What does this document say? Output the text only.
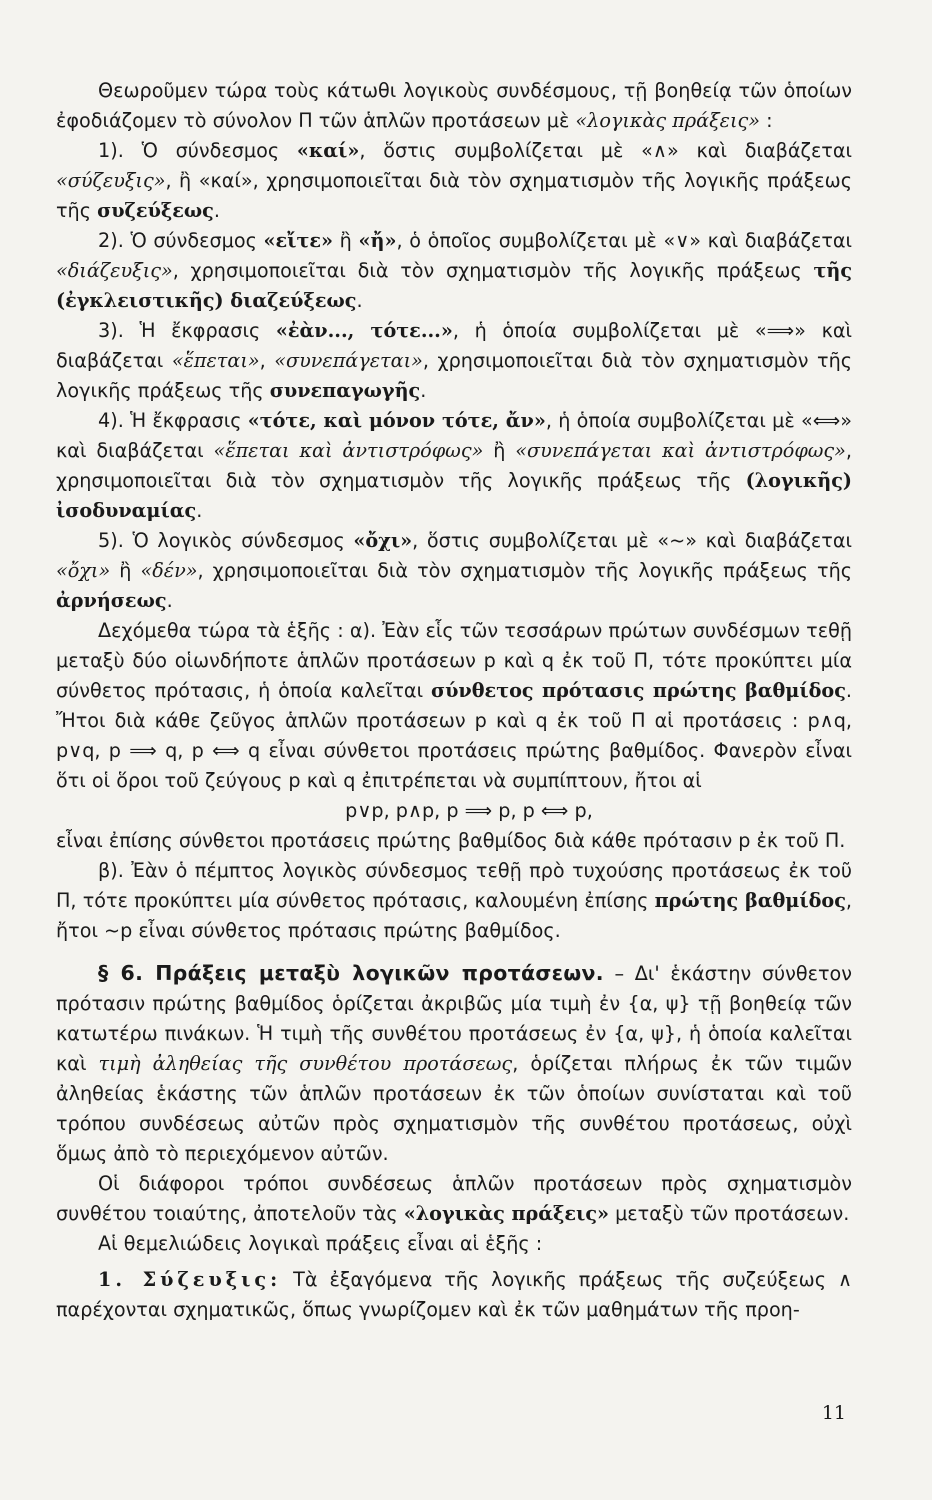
Θεωροῦμεν τώρα τοὺς κάτωθι λογικοὺς συνδέσμους, τῇ βοηθείᾳ τῶν ὁποίων ἐφοδιάζομεν τὸ σύνολον Π τῶν ἁπλῶν προτάσεων μὲ «λογικὰς πράξεις» :

1). Ὁ σύνδεσμος «καί», ὅστις συμβολίζεται μὲ «∧» καὶ διαβάζεται «σύζευξις», ἢ «καί», χρησιμοποιεῖται διὰ τὸν σχηματισμὸν τῆς λογικῆς πράξεως τῆς συζεύξεως.

2). Ὁ σύνδεσμος «εἴτε» ἢ «ἤ», ὁ ὁποῖος συμβολίζεται μὲ «∨» καὶ διαβάζεται «διάζευξις», χρησιμοποιεῖται διὰ τὸν σχηματισμὸν τῆς λογικῆς πράξεως τῆς (ἐγκλειστικῆς) διαζεύξεως.

3). Ἡ ἔκφρασις «ἐὰν..., τότε...», ἡ ὁποία συμβολίζεται μὲ «⟹» καὶ διαβάζεται «ἕπεται», «συνεπάγεται», χρησιμοποιεῖται διὰ τὸν σχηματισμὸν τῆς λογικῆς πράξεως τῆς συνεπαγωγῆς.

4). Ἡ ἔκφρασις «τότε, καὶ μόνον τότε, ἄν», ἡ ὁποία συμβολίζεται μὲ «⟺» καὶ διαβάζεται «ἕπεται καὶ ἀντιστρόφως» ἢ «συνεπάγεται καὶ ἀντιστρόφως», χρησιμοποιεῖται διὰ τὸν σχηματισμὸν τῆς λογικῆς πράξεως τῆς (λογικῆς) ἰσοδυναμίας.

5). Ὁ λογικὸς σύνδεσμος «ὄχι», ὅστις συμβολίζεται μὲ «~» καὶ διαβάζεται «ὄχι» ἢ «δέν», χρησιμοποιεῖται διὰ τὸν σχηματισμὸν τῆς λογικῆς πράξεως τῆς ἀρνήσεως.

Δεχόμεθα τώρα τὰ ἑξῆς : α). Ἐὰν εἷς τῶν τεσσάρων πρώτων συνδέσμων τεθῇ μεταξὺ δύο οἱωνδήποτε ἁπλῶν προτάσεων p καὶ q ἐκ τοῦ Π, τότε προκύπτει μία σύνθετος πρότασις, ἡ ὁποία καλεῖται σύνθετος πρότασις πρώτης βαθμίδος. Ἤτοι διὰ κάθε ζεῦγος ἁπλῶν προτάσεων p καὶ q ἐκ τοῦ Π αἱ προτάσεις : p∧q, p∨q, p ⟹ q, p ⟺ q εἶναι σύνθετοι προτάσεις πρώτης βαθμίδος. Φανερὸν εἶναι ὅτι οἱ ὅροι τοῦ ζεύγους p καὶ q ἐπιτρέπεται νὰ συμπίπτουν, ἤτοι αἱ

p∨p, p∧p, p ⟹ p, p ⟺ p,

εἶναι ἐπίσης σύνθετοι προτάσεις πρώτης βαθμίδος διὰ κάθε πρότασιν p ἐκ τοῦ Π.

β). Ἐὰν ὁ πέμπτος λογικὸς σύνδεσμος τεθῇ πρὸ τυχούσης προτάσεως ἐκ τοῦ Π, τότε προκύπτει μία σύνθετος πρότασις, καλουμένη ἐπίσης πρώτης βαθμίδος, ἤτοι ~p εἶναι σύνθετος πρότασις πρώτης βαθμίδος.

§ 6. Πράξεις μεταξὺ λογικῶν προτάσεων. – Δι' ἑκάστην σύνθετον πρότασιν πρώτης βαθμίδος ὁρίζεται ἀκριβῶς μία τιμὴ ἐν {α, ψ} τῇ βοηθείᾳ τῶν κατωτέρω πινάκων. Ἡ τιμὴ τῆς συνθέτου προτάσεως ἐν {α, ψ}, ἡ ὁποία καλεῖται καὶ τιμὴ ἀληθείας τῆς συνθέτου προτάσεως, ὁρίζεται πλήρως ἐκ τῶν τιμῶν ἀληθείας ἑκάστης τῶν ἁπλῶν προτάσεων ἐκ τῶν ὁποίων συνίσταται καὶ τοῦ τρόπου συνδέσεως αὐτῶν πρὸς σχηματισμὸν τῆς συνθέτου προτάσεως, οὐχὶ ὅμως ἀπὸ τὸ περιεχόμενον αὐτῶν.

Οἱ διάφοροι τρόποι συνδέσεως ἁπλῶν προτάσεων πρὸς σχηματισμὸν συνθέτου τοιαύτης, ἀποτελοῦν τὰς «λογικὰς πράξεις» μεταξὺ τῶν προτάσεων.

Αἱ θεμελιώδεις λογικαὶ πράξεις εἶναι αἱ ἑξῆς :

1. Σύζευξις: Τὰ ἐξαγόμενα τῆς λογικῆς πράξεως τῆς συζεύξεως ∧ παρέχονται σχηματικῶς, ὅπως γνωρίζομεν καὶ ἐκ τῶν μαθημάτων τῆς προη-

11
